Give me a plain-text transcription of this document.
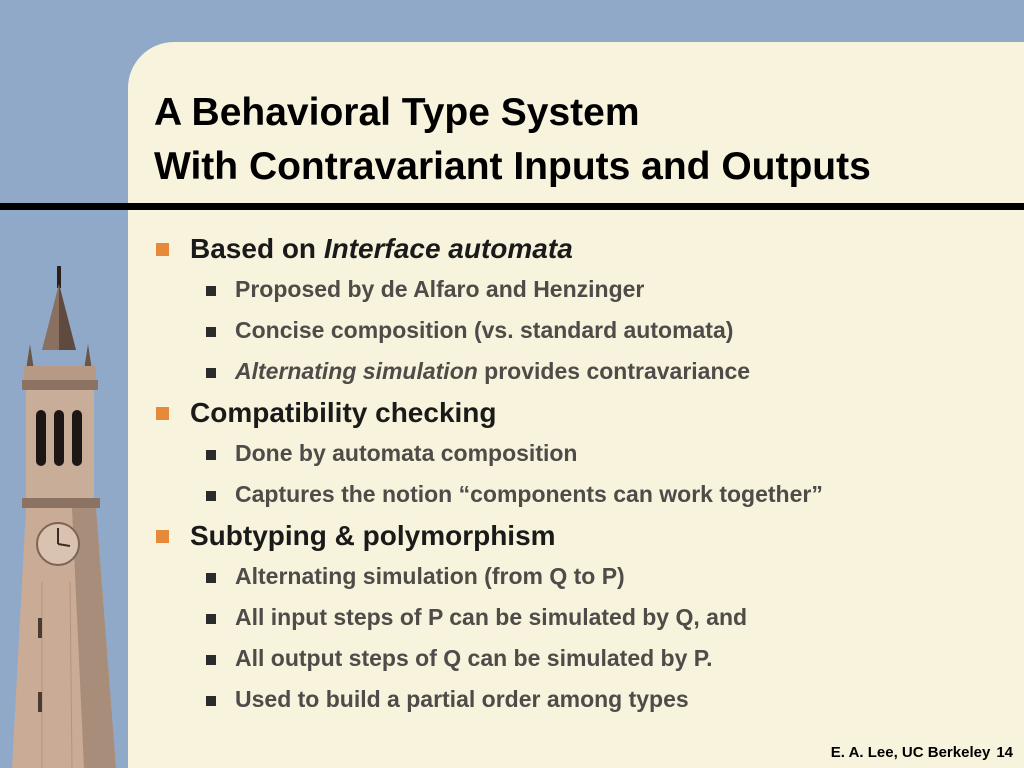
A Behavioral Type System
With Contravariant Inputs and Outputs
Based on Interface automata
Proposed by de Alfaro and Henzinger
Concise composition (vs. standard automata)
Alternating simulation provides contravariance
Compatibility checking
Done by automata composition
Captures the notion “components can work together”
Subtyping & polymorphism
Alternating simulation (from Q to P)
All input steps of P can be simulated by Q, and
All output steps of Q can be simulated by P.
Used to build a partial order among types
E. A. Lee, UC Berkeley 14
